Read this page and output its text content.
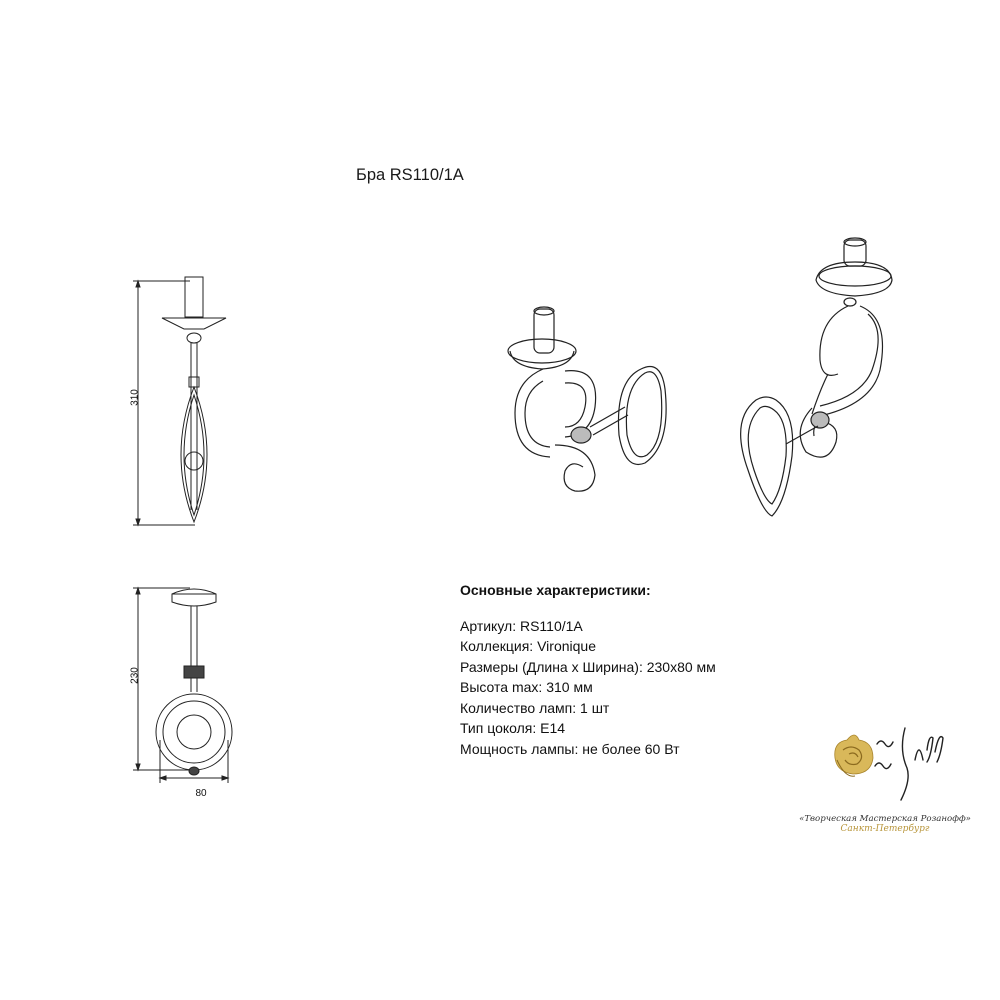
Бра RS110/1A
310
230
80
Основные характеристики:
Артикул: RS110/1A
Коллекция: Vironique
Размеры (Длина х Ширина): 230x80 мм
Высота max: 310 мм
Количество ламп: 1 шт
Тип цоколя: Е14
Мощность лампы: не более 60 Вт
«Творческая Мастерская Розанофф»
Санкт-Петербург
